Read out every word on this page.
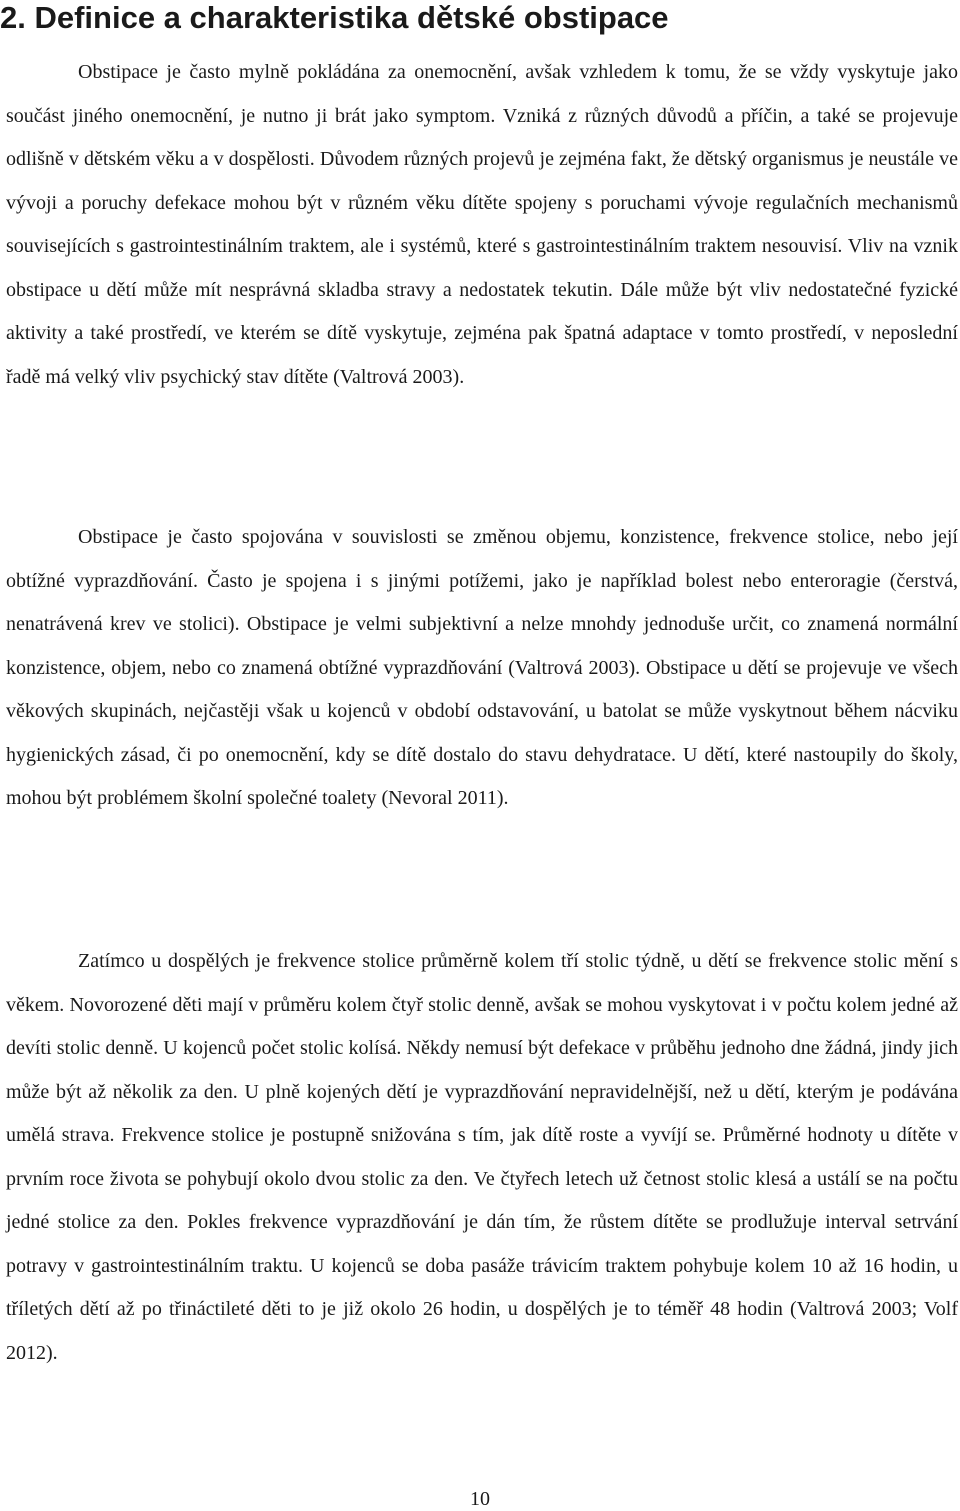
2. Definice a charakteristika dětské obstipace

Obstipace je často mylně pokládána za onemocnění, avšak vzhledem k tomu, že se vždy vyskytuje jako součást jiného onemocnění, je nutno ji brát jako symptom. Vzniká z různých důvodů a příčin, a také se projevuje odlišně v dětském věku a v dospělosti. Důvodem různých projevů je zejména fakt, že dětský organismus je neustále ve vývoji a poruchy defekace mohou být v různém věku dítěte spojeny s poruchami vývoje regulačních mechanismů souvisejících s gastrointestinálním traktem, ale i systémů, které s gastrointestinálním traktem nesouvisí. Vliv na vznik obstipace u dětí může mít nesprávná skladba stravy a nedostatek tekutin. Dále může být vliv nedostatečné fyzické aktivity a také prostředí, ve kterém se dítě vyskytuje, zejména pak špatná adaptace v tomto prostředí, v neposlední řadě má velký vliv psychický stav dítěte (Valtrová 2003).

Obstipace je často spojována v souvislosti se změnou objemu, konzistence, frekvence stolice, nebo její obtížné vyprazdňování. Často je spojena i s jinými potížemi, jako je například bolest nebo enteroragie (čerstvá, nenatrávená krev ve stolici). Obstipace je velmi subjektivní a nelze mnohdy jednoduše určit, co znamená normální konzistence, objem, nebo co znamená obtížné vyprazdňování (Valtrová 2003). Obstipace u dětí se projevuje ve všech věkových skupinách, nejčastěji však u kojenců v období odstavování, u batolat se může vyskytnout během nácviku hygienických zásad, či po onemocnění, kdy se dítě dostalo do stavu dehydratace. U dětí, které nastoupily do školy, mohou být problémem školní společné toalety (Nevoral 2011).

Zatímco u dospělých je frekvence stolice průměrně kolem tří stolic týdně, u dětí se frekvence stolic mění s věkem. Novorozené děti mají v průměru kolem čtyř stolic denně, avšak se mohou vyskytovat i v počtu kolem jedné až devíti stolic denně. U kojenců počet stolic kolísá. Někdy nemusí být defekace v průběhu jednoho dne žádná, jindy jich může být až několik za den. U plně kojených dětí je vyprazdňování nepravidelnější, než u dětí, kterým je podávána umělá strava. Frekvence stolice je postupně snižována s tím, jak dítě roste a vyvíjí se. Průměrné hodnoty u dítěte v prvním roce života se pohybují okolo dvou stolic za den. Ve čtyřech letech už četnost stolic klesá a ustálí se na počtu jedné stolice za den. Pokles frekvence vyprazdňování je dán tím, že růstem dítěte se prodlužuje interval setrvání potravy v gastrointestinálním traktu. U kojenců se doba pasáže trávicím traktem pohybuje kolem 10 až 16 hodin, u tříletých dětí až po třináctileté děti to je již okolo 26 hodin, u dospělých je to téměř 48 hodin (Valtrová 2003; Volf 2012).

10
